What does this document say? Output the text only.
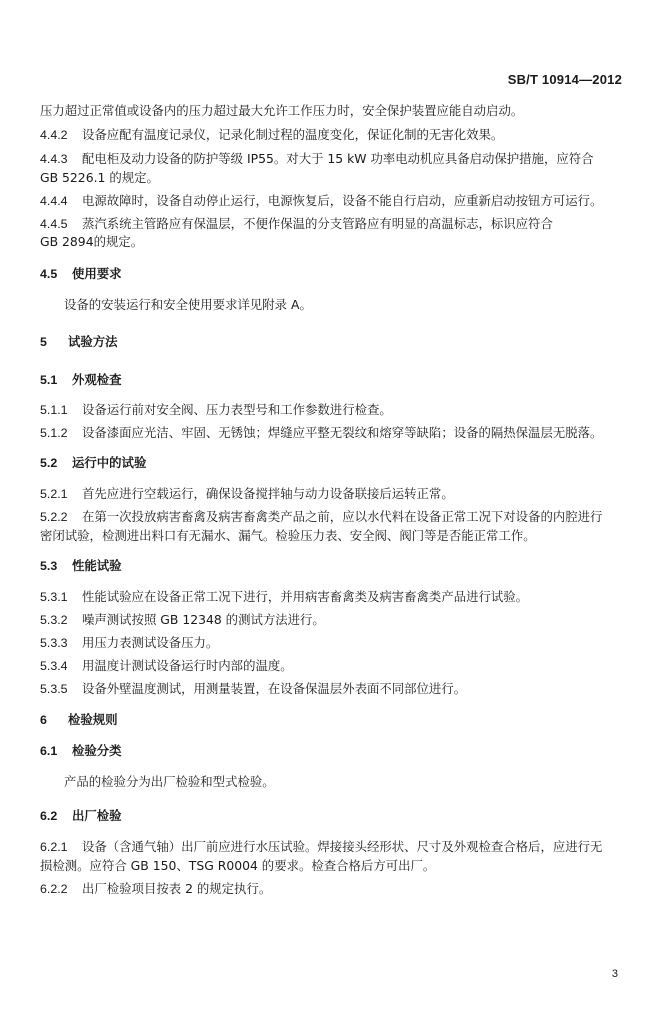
SB/T 10914—2012
压力超过正常值或设备内的压力超过最大允许工作压力时，安全保护装置应能自动启动。
4.4.2 设备应配有温度记录仪，记录化制过程的温度变化，保证化制的无害化效果。
4.4.3 配电柜及动力设备的防护等级 IP55。对大于 15 kW 功率电动机应具备启动保护措施，应符合
GB 5226.1 的规定。
4.4.4 电源故障时，设备自动停止运行，电源恢复后，设备不能自行启动，应重新启动按钮方可运行。
4.4.5 蒸汽系统主管路应有保温层，不便作保温的分支管路应有明显的高温标志，标识应符合
GB 2894的规定。
4.5 使用要求
设备的安装运行和安全使用要求详见附录 A。
5 试验方法
5.1 外观检查
5.1.1 设备运行前对安全阀、压力表型号和工作参数进行检查。
5.1.2 设备漆面应光洁、牢固、无锈蚀；焊缝应平整无裂纹和熔穿等缺陷；设备的隔热保温层无脱落。
5.2 运行中的试验
5.2.1 首先应进行空载运行，确保设备搅拌轴与动力设备联接后运转正常。
5.2.2 在第一次投放病害畜禽及病害畜禽类产品之前，应以水代料在设备正常工况下对设备的内腔进行
密闭试验，检测进出料口有无漏水、漏气。检验压力表、安全阀、阀门等是否能正常工作。
5.3 性能试验
5.3.1 性能试验应在设备正常工况下进行，并用病害畜禽类及病害畜禽类产品进行试验。
5.3.2 噪声测试按照 GB 12348 的测试方法进行。
5.3.3 用压力表测试设备压力。
5.3.4 用温度计测试设备运行时内部的温度。
5.3.5 设备外壁温度测试，用测量装置，在设备保温层外表面不同部位进行。
6 检验规则
6.1 检验分类
产品的检验分为出厂检验和型式检验。
6.2 出厂检验
6.2.1 设备（含通气轴）出厂前应进行水压试验。焊接接头经形状、尺寸及外观检查合格后，应进行无
损检测。应符合 GB 150、TSG R0004 的要求。检查合格后方可出厂。
6.2.2 出厂检验项目按表 2 的规定执行。
3
